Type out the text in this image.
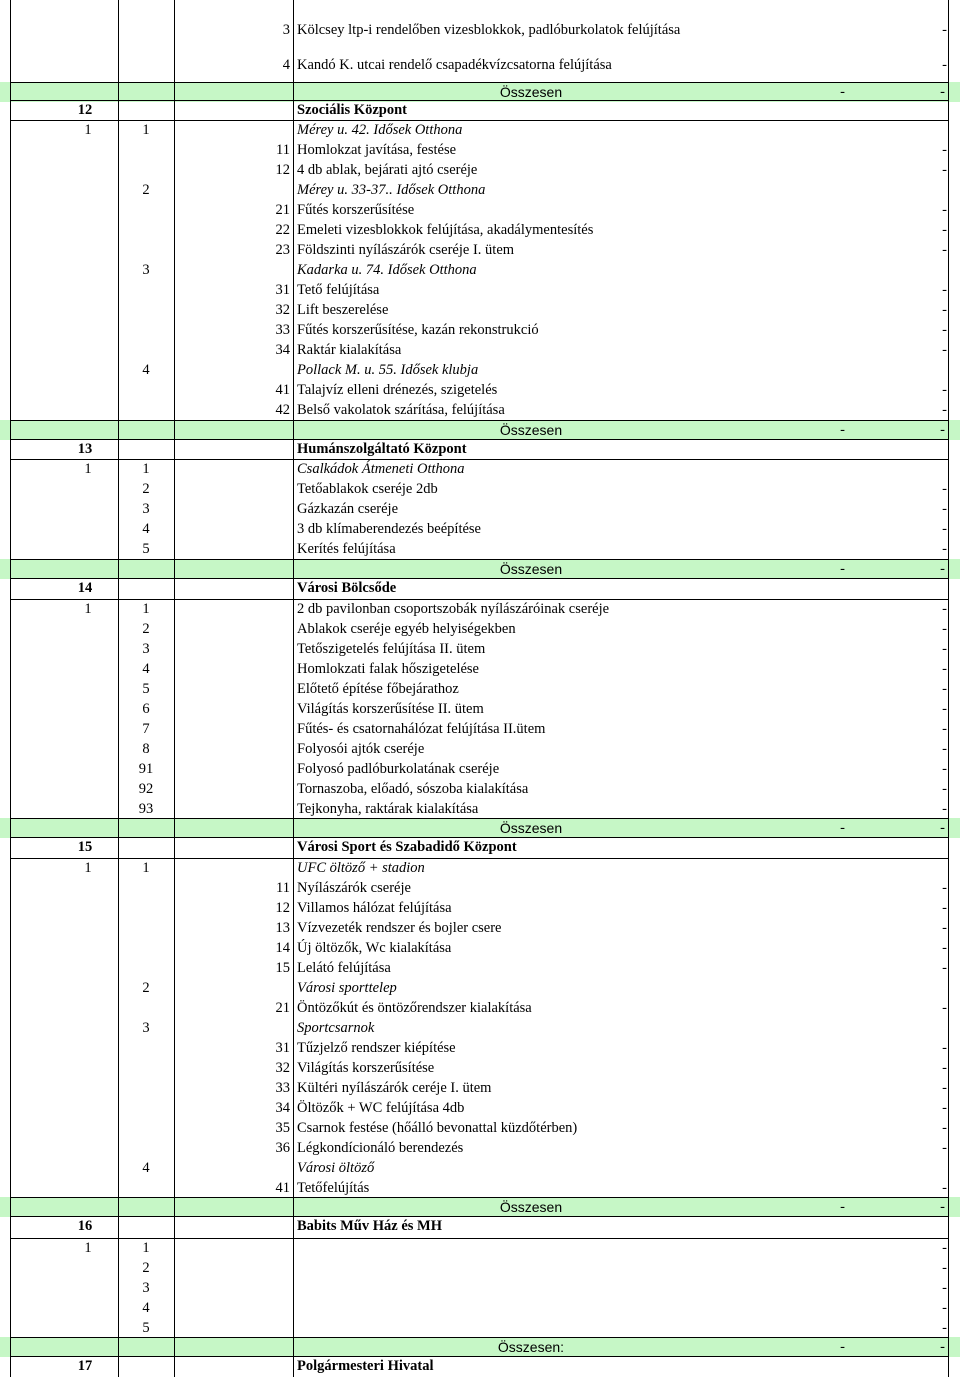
3 Kölcsey ltp-i rendelőben vizesblokkok, padlóburkolatok felújítása	-
4 Kandó K. utcai rendelő csapadékvízcsatorna felújítása	-
Összesen	-	-
12	Szociális Központ
1	1	Mérey u. 42. Idősek Otthona
11 Homlokzat javítása, festése	-
12 4 db ablak, bejárati ajtó cseréje	-
2	Mérey u. 33-37.. Idősek Otthona
21 Fűtés korszerűsítése	-
22 Emeleti vizesblokkok felújítása, akadálymentesítés	-
23 Földszinti nyílászárók cseréje I. ütem	-
3	Kadarka u. 74. Idősek Otthona
31 Tető felújítása	-
32 Lift beszerelése	-
33 Fűtés korszerűsítése, kazán rekonstrukció	-
34 Raktár kialakítása	-
4	Pollack M. u. 55. Idősek klubja
41 Talajvíz elleni drénezés, szigetelés	-
42 Belső vakolatok szárítása, felújítása	-
Összesen	-	-
13	Humánszolgáltató Központ
1	1	Csalkádok Átmeneti Otthona
2	Tetőablakok cseréje 2db	-
3	Gázkazán cseréje	-
4	3 db klímaberendezés beépítése	-
5	Kerítés felújítása	-
Összesen	-	-
14	Városi Bölcsőde
1	1	2 db pavilonban csoportszobák nyílászáróinak cseréje	-
2	Ablakok cseréje egyéb helyiségekben	-
3	Tetőszigetelés felújítása II. ütem	-
4	Homlokzati falak hőszigetelése	-
5	Előtető építése főbejárathoz	-
6	Világítás korszerűsítése II. ütem	-
7	Fűtés- és csatornahálózat felújítása II.ütem	-
8	Folyosói ajtók cseréje	-
91	Folyosó padlóburkolatának cseréje	-
92	Tornaszoba, előadó, sószoba kialakítása	-
93	Tejkonyha, raktárak kialakítása	-
Összesen	-	-
15	Városi Sport és Szabadidő Központ
1	1	UFC öltöző + stadion
11 Nyílászárók cseréje	-
12 Villamos hálózat felújítása	-
13 Vízvezeték rendszer és bojler csere	-
14 Új öltözők, Wc kialakítása	-
15 Lelátó felújítása	-
2	Városi sporttelep
21 Öntözőkút és öntözőrendszer kialakítása	-
3	Sportcsarnok
31 Tűzjelző rendszer kiépítése	-
32 Világítás korszerűsítése	-
33 Kültéri nyílászárók ceréje I. ütem	-
34 Öltözők + WC felújítása 4db	-
35 Csarnok festése (hőálló bevonattal küzdőtérben)	-
36 Légkondícionáló berendezés	-
4	Városi öltöző
41 Tetőfelújítás	-
Összesen	-	-
16	Babits Műv Ház és MH
1	1	-
2	-
3	-
4	-
5	-
Összesen:	-	-
17	Polgármesteri Hivatal
